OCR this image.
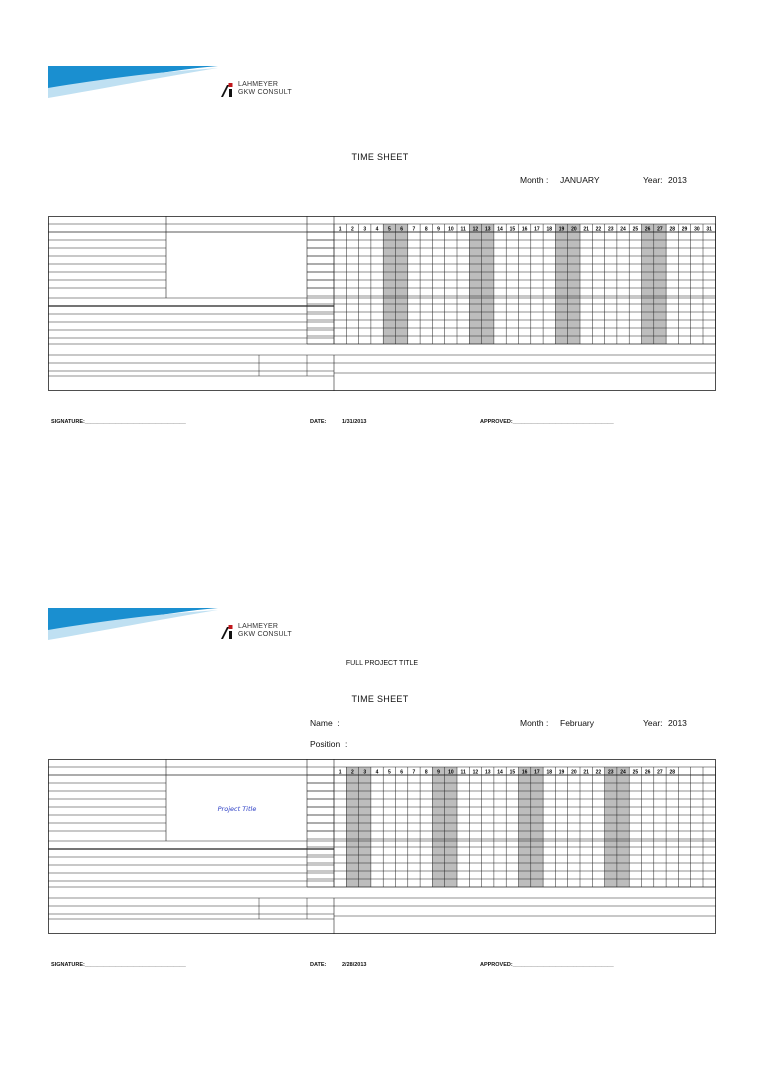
LAHMEYER
GKW CONSULT
TIME SHEET
Month : JANUARY	Year: 2013
1 2 3 4 5 6 7 8 9 10 11 12 13 14 15 16 17 18 19 20 21 22 23 24 25 26 27 28 29 30 31
SIGNATURE:_________________________________	DATE:	1/31/2013	APPROVED:_________________________________
LAHMEYER
GKW CONSULT
FULL PROJECT TITLE
TIME SHEET
Name  :	Month : February	Year: 2013
Position  :
1 2 3 4 5 6 7 8 9 10 11 12 13 14 15 16 17 18 19 20 21 22 23 24 25 26 27 28
Project Title
SIGNATURE:_________________________________	DATE:	2/28/2013	APPROVED:_________________________________
